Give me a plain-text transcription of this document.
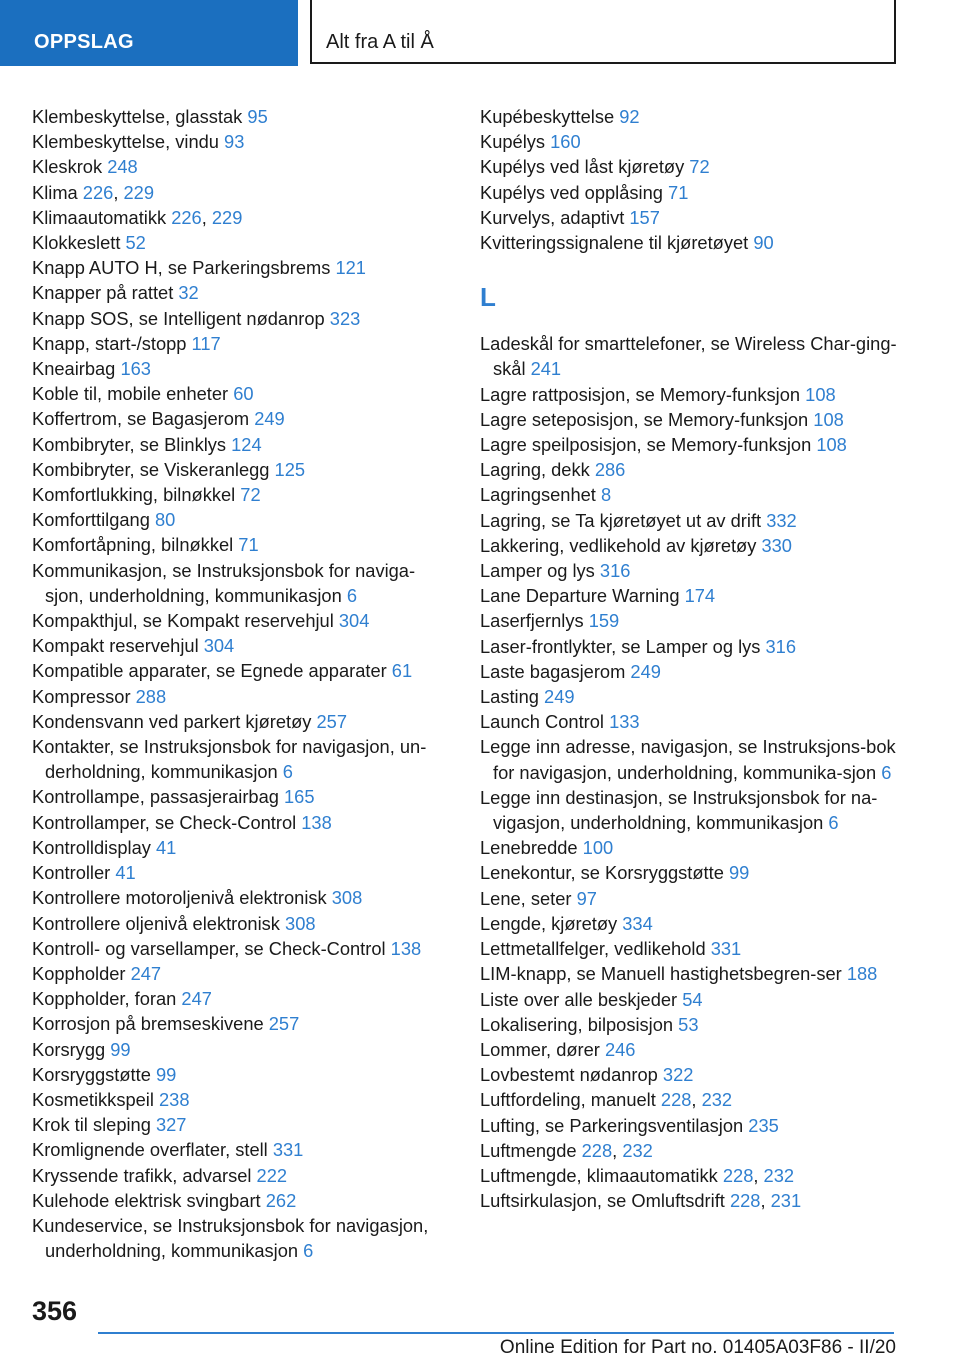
OPPSLAG	Alt fra A til Å
Klembeskyttelse, glasstak 95
Klembeskyttelse, vindu 93
Kleskrok 248
Klima 226, 229
Klimaautomatikk 226, 229
Klokkeslett 52
Knapp AUTO H, se Parkeringsbrems 121
Knapper på rattet 32
Knapp SOS, se Intelligent nødanrop 323
Knapp, start-/stopp 117
Kneairbag 163
Koble til, mobile enheter 60
Koffertrom, se Bagasjerom 249
Kombibryter, se Blinklys 124
Kombibryter, se Viskeranlegg 125
Komfortlukking, bilnøkkel 72
Komforttilgang 80
Komfortåpning, bilnøkkel 71
Kommunikasjon, se Instruksjonsbok for naviga-sjon, underholdning, kommunikasjon 6
Kompakthjul, se Kompakt reservehjul 304
Kompakt reservehjul 304
Kompatible apparater, se Egnede apparater 61
Kompressor 288
Kondensvann ved parkert kjøretøy 257
Kontakter, se Instruksjonsbok for navigasjon, un-derholdning, kommunikasjon 6
Kontrollampe, passasjerairbag 165
Kontrollamper, se Check-Control 138
Kontrolldisplay 41
Kontroller 41
Kontrollere motoroljenivå elektronisk 308
Kontrollere oljenivå elektronisk 308
Kontroll- og varsellamper, se Check-Control 138
Koppholder 247
Koppholder, foran 247
Korrosjon på bremseskivene 257
Korsrygg 99
Korsryggstøtte 99
Kosmetikkspeil 238
Krok til sleping 327
Kromlignende overflater, stell 331
Kryssende trafikk, advarsel 222
Kulehode elektrisk svingbart 262
Kundeservice, se Instruksjonsbok for navigasjon, underholdning, kommunikasjon 6
Kupébeskyttelse 92
Kupélys 160
Kupélys ved låst kjøretøy 72
Kupélys ved opplåsing 71
Kurvelys, adaptivt 157
Kvitteringssignalene til kjøretøyet 90
L
Ladeskål for smarttelefoner, se Wireless Char-ging-skål 241
Lagre rattposisjon, se Memory-funksjon 108
Lagre seteposisjon, se Memory-funksjon 108
Lagre speilposisjon, se Memory-funksjon 108
Lagring, dekk 286
Lagringsenhet 8
Lagring, se Ta kjøretøyet ut av drift 332
Lakkering, vedlikehold av kjøretøy 330
Lamper og lys 316
Lane Departure Warning 174
Laserfjernlys 159
Laser-frontlykter, se Lamper og lys 316
Laste bagasjerom 249
Lasting 249
Launch Control 133
Legge inn adresse, navigasjon, se Instruksjons-bok for navigasjon, underholdning, kommunika-sjon 6
Legge inn destinasjon, se Instruksjonsbok for na-vigasjon, underholdning, kommunikasjon 6
Lenebredde 100
Lenekontur, se Korsryggstøtte 99
Lene, seter 97
Lengde, kjøretøy 334
Lettmetallfelger, vedlikehold 331
LIM-knapp, se Manuell hastighetsbegren-ser 188
Liste over alle beskjeder 54
Lokalisering, bilposisjon 53
Lommer, dører 246
Lovbestemt nødanrop 322
Luftfordeling, manuelt 228, 232
Lufting, se Parkeringsventilasjon 235
Luftmengde 228, 232
Luftmengde, klimaautomatikk 228, 232
Luftsirkulasjon, se Omluftsdrift 228, 231
356
Online Edition for Part no. 01405A03F86 - II/20
